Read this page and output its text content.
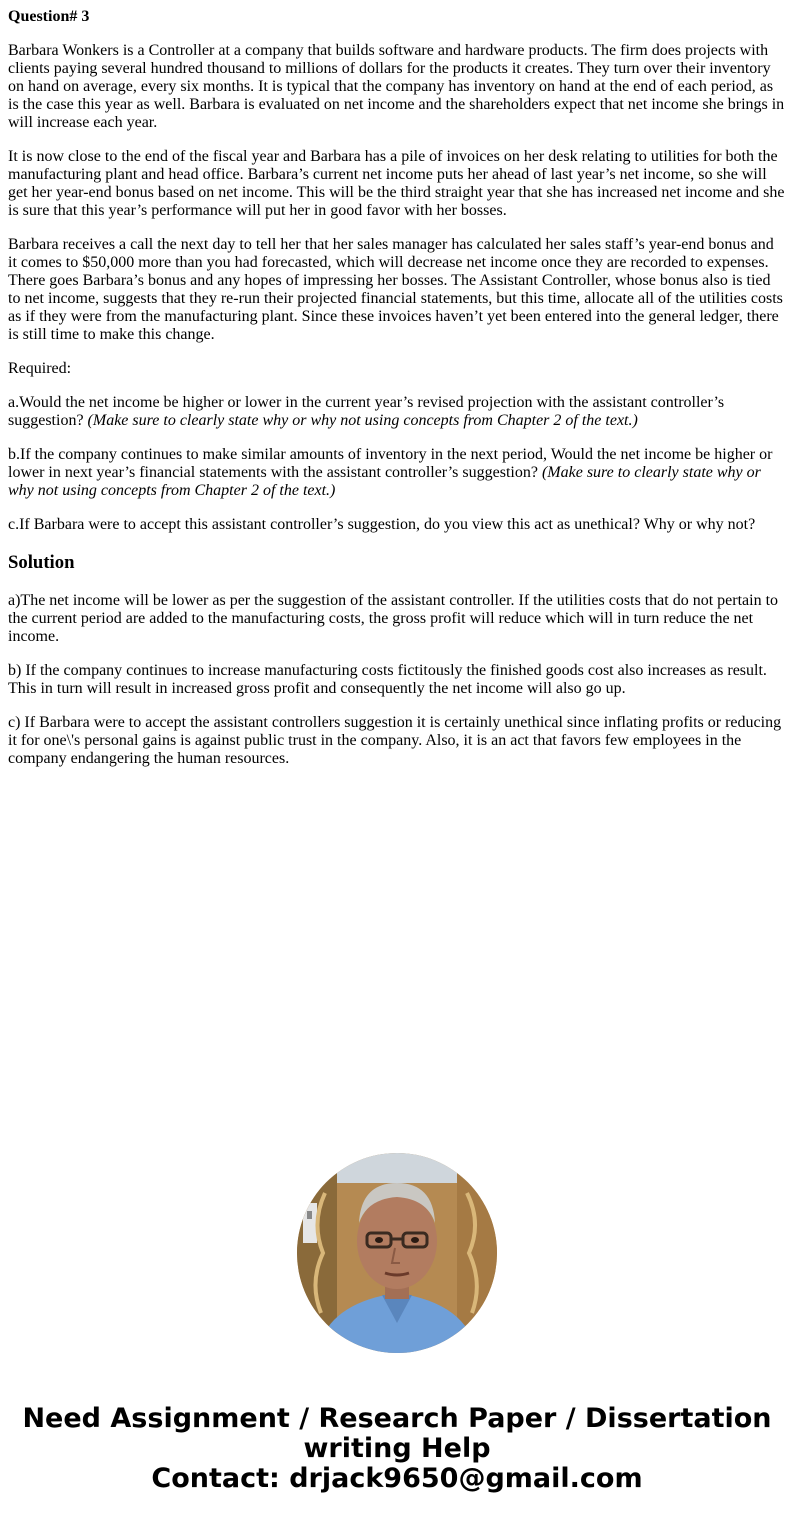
Question# 3

Barbara Wonkers is a Controller at a company that builds software and hardware products. The firm does projects with clients paying several hundred thousand to millions of dollars for the products it creates. They turn over their inventory on hand on average, every six months. It is typical that the company has inventory on hand at the end of each period, as is the case this year as well. Barbara is evaluated on net income and the shareholders expect that net income she brings in will increase each year.

It is now close to the end of the fiscal year and Barbara has a pile of invoices on her desk relating to utilities for both the manufacturing plant and head office. Barbara’s current net income puts her ahead of last year’s net income, so she will get her year-end bonus based on net income. This will be the third straight year that she has increased net income and she is sure that this year’s performance will put her in good favor with her bosses.

Barbara receives a call the next day to tell her that her sales manager has calculated her sales staff’s year-end bonus and it comes to $50,000 more than you had forecasted, which will decrease net income once they are recorded to expenses. There goes Barbara’s bonus and any hopes of impressing her bosses. The Assistant Controller, whose bonus also is tied to net income, suggests that they re-run their projected financial statements, but this time, allocate all of the utilities costs as if they were from the manufacturing plant. Since these invoices haven’t yet been entered into the general ledger, there is still time to make this change.

Required:

a.Would the net income be higher or lower in the current year’s revised projection with the assistant controller’s suggestion? (Make sure to clearly state why or why not using concepts from Chapter 2 of the text.)

b.If the company continues to make similar amounts of inventory in the next period, Would the net income be higher or lower in next year’s financial statements with the assistant controller’s suggestion? (Make sure to clearly state why or why not using concepts from Chapter 2 of the text.)

c.If Barbara were to accept this assistant controller’s suggestion, do you view this act as unethical? Why or why not?

Solution

a)The net income will be lower as per the suggestion of the assistant controller. If the utilities costs that do not pertain to the current period are added to the manufacturing costs, the gross profit will reduce which will in turn reduce the net income.

b) If the company continues to increase manufacturing costs fictitously the finished goods cost also increases as result. This in turn will result in increased gross profit and consequently the net income will also go up.

c) If Barbara were to accept the assistant controllers suggestion it is certainly unethical since inflating profits or reducing it for one\'s personal gains is against public trust in the company. Also, it is an act that favors few employees in the company endangering the human resources.

Need Assignment / Research Paper / Dissertation
writing Help
Contact: drjack9650@gmail.com
